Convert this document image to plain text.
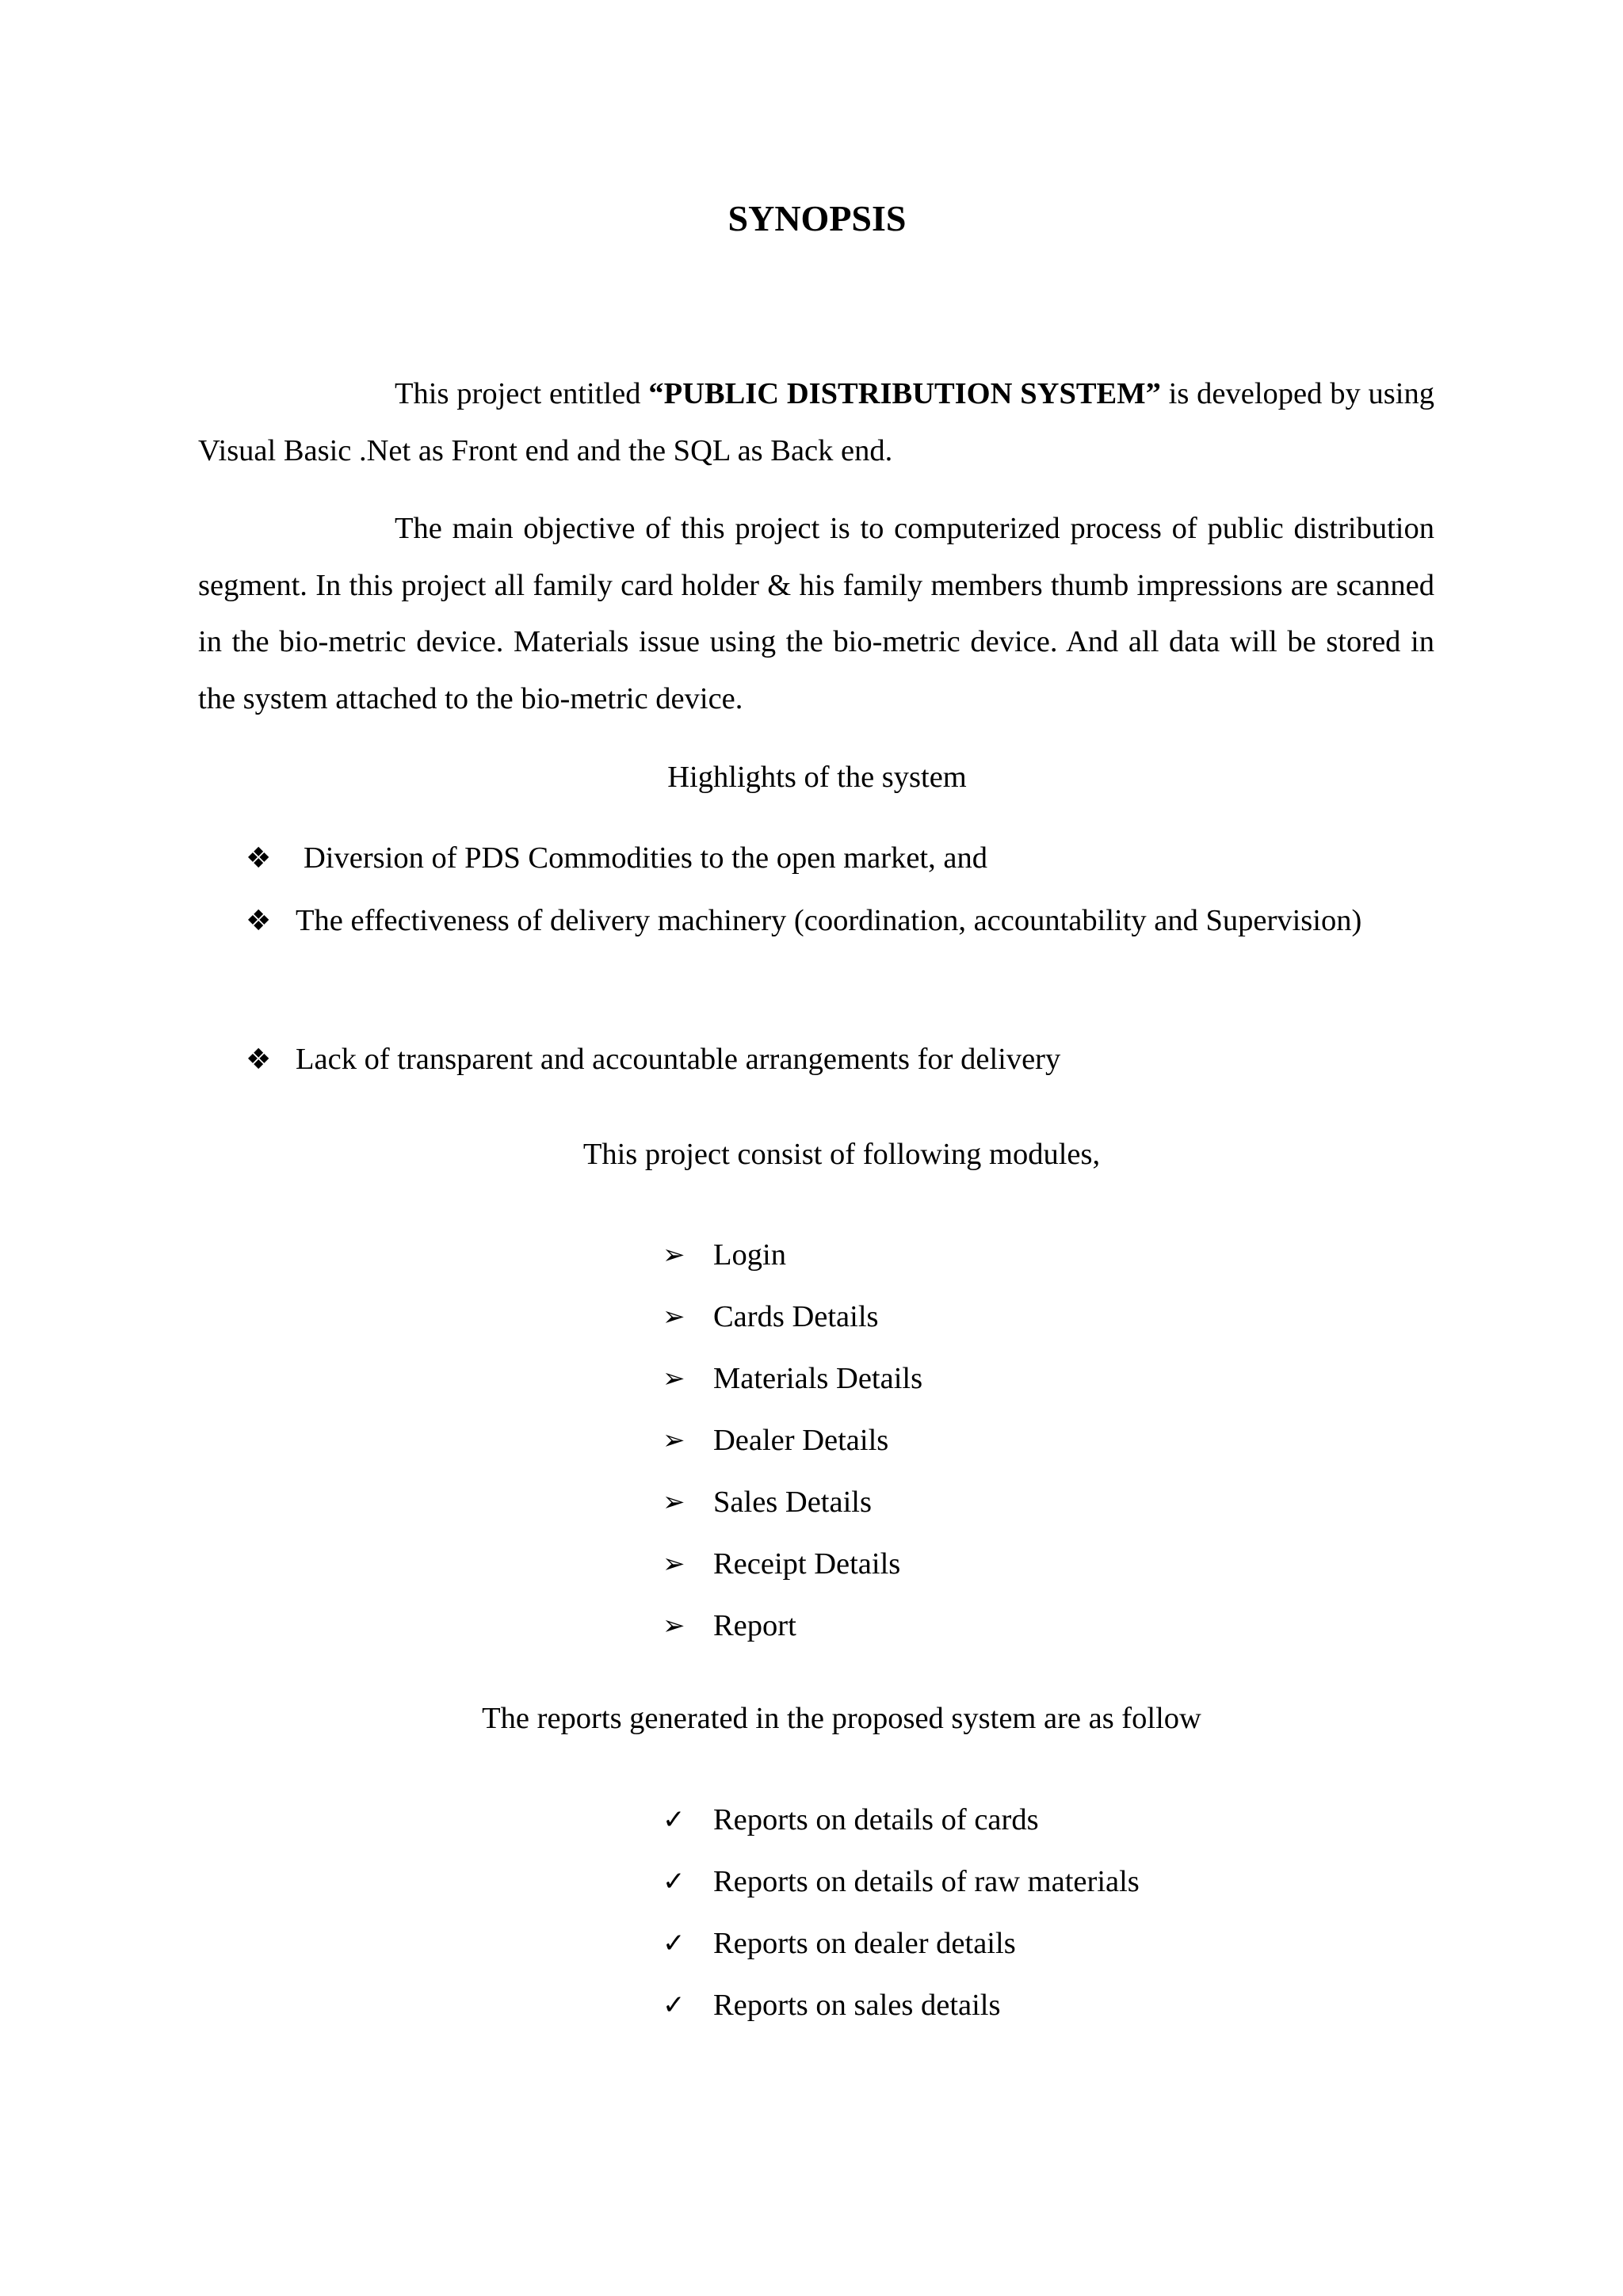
SYNOPSIS
This project entitled “PUBLIC DISTRIBUTION SYSTEM” is developed by using Visual Basic .Net as Front end and the SQL as Back end.
The main objective of this project is to computerized process of public distribution segment. In this project all family card holder & his family members thumb impressions are scanned in the bio-metric device. Materials issue using the bio-metric device. And all data will be stored in the system attached to the bio-metric device.
Highlights of the system
❖ Diversion of PDS Commodities to the open market, and
❖ The effectiveness of delivery machinery (coordination, accountability and Supervision)
❖ Lack of transparent and accountable arrangements for delivery
This project consist of following modules,
➢ Login
➢ Cards Details
➢ Materials Details
➢ Dealer Details
➢ Sales Details
➢ Receipt Details
➢ Report
The reports generated in the proposed system are as follow
✓ Reports on details of cards
✓ Reports on details of raw materials
✓ Reports on dealer details
✓ Reports on sales details
